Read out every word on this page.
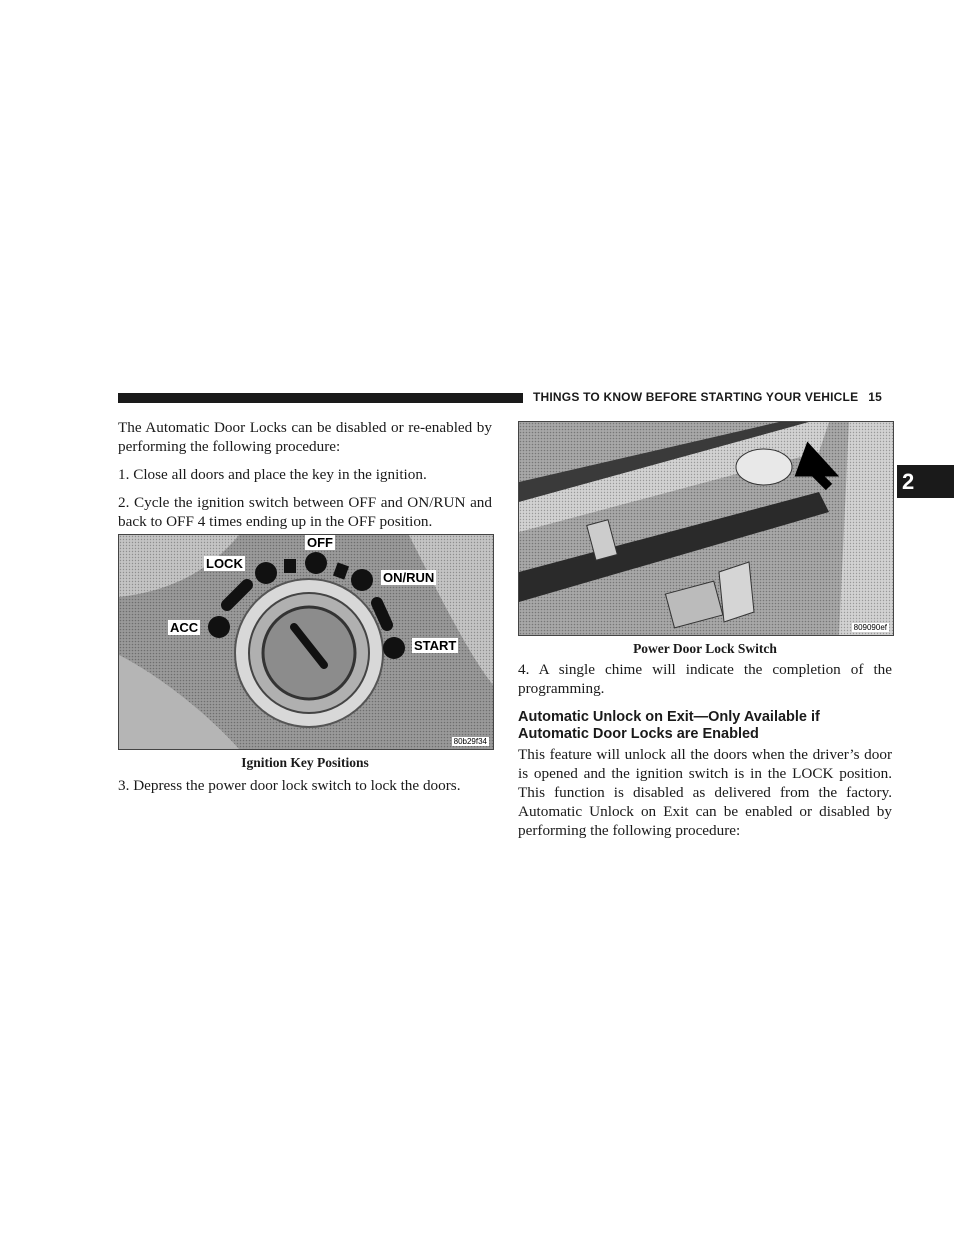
THINGS TO KNOW BEFORE STARTING YOUR VEHICLE 15
2

The Automatic Door Locks can be disabled or re-enabled by performing the following procedure:

1. Close all doors and place the key in the ignition.

2. Cycle the ignition switch between OFF and ON/RUN and back to OFF 4 times ending up in the OFF position.

OFF
LOCK
ON/RUN
ACC
START
80b29f34
Ignition Key Positions

3. Depress the power door lock switch to lock the doors.

809090ef
Power Door Lock Switch

4. A single chime will indicate the completion of the programming.

Automatic Unlock on Exit—Only Available if Automatic Door Locks are Enabled

This feature will unlock all the doors when the driver’s door is opened and the ignition switch is in the LOCK position. This function is disabled as delivered from the factory. Automatic Unlock on Exit can be enabled or disabled by performing the following procedure:
